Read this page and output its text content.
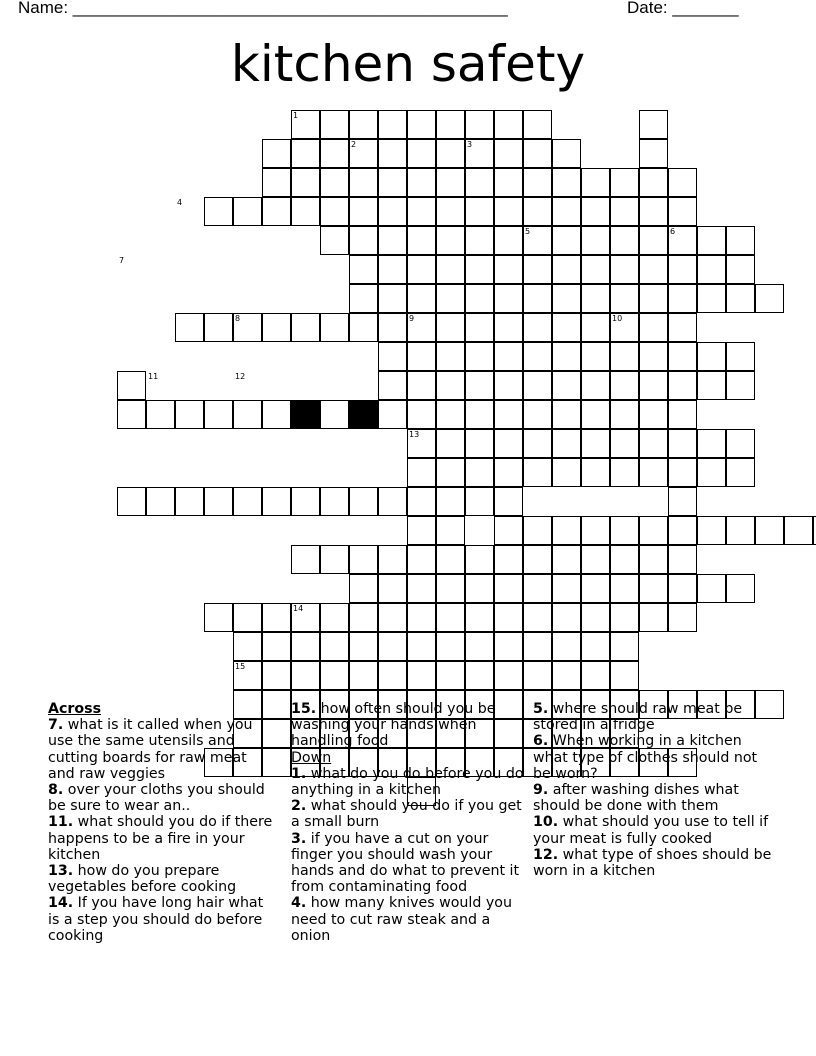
Name: ______________________________________________	Date: _______
kitchen safety
1
2	3
4
5	6
7
8	9	10
11	12
13
14
15
Across
7. what is it called when you use the same utensils and cutting boards for raw meat and raw veggies
8. over your cloths you should be sure to wear an..
11. what should you do if there happens to be a fire in your kitchen
13. how do you prepare vegetables before cooking
14. If you have long hair what is a step you should do before cooking
15. how often should you be washing your hands when handling food
Down
1. what do you do before you do anything in a kitchen
2. what should you do if you get a small burn
3. if you have a cut on your finger you should wash your hands and do what to prevent it from contaminating food
4. how many knives would you need to cut raw steak and a onion
5. where should raw meat be stored in a fridge
6. When working in a kitchen what type of clothes should not be worn?
9. after washing dishes what should be done with them
10. what should you use to tell if your meat is fully cooked
12. what type of shoes should be worn in a kitchen
